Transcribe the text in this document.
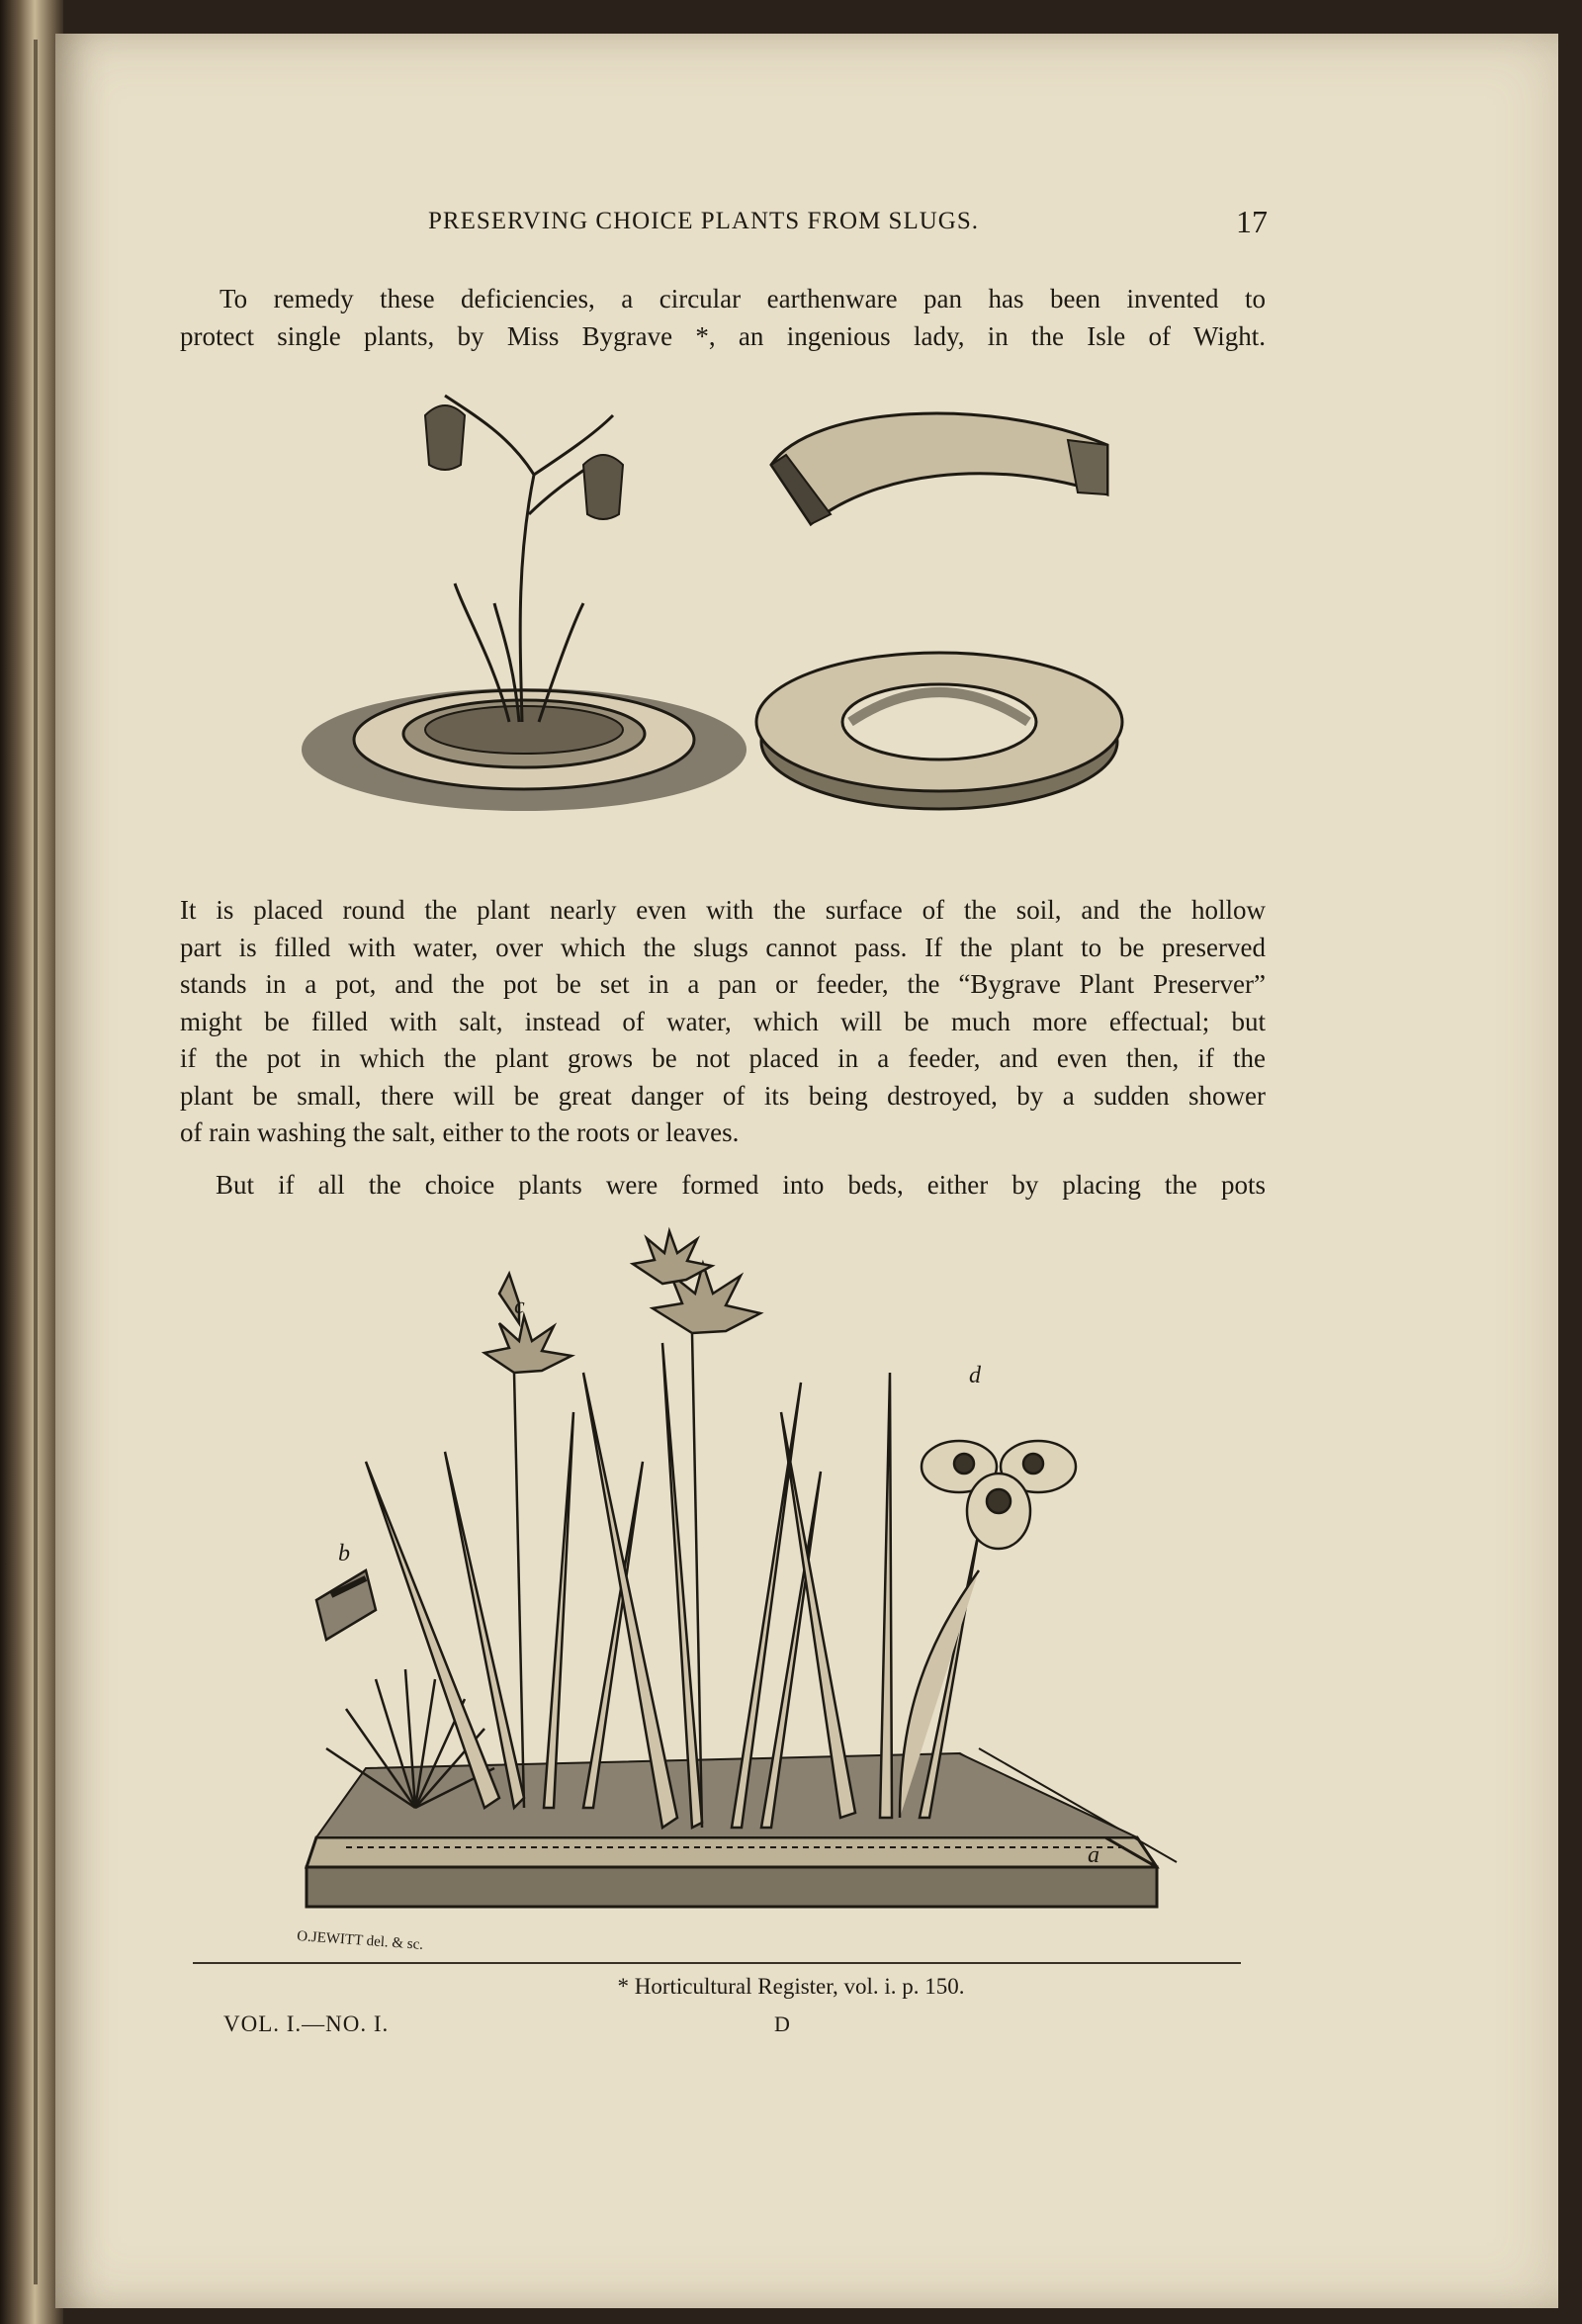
PRESERVING CHOICE PLANTS FROM SLUGS.	17
To remedy these deficiencies, a circular earthenware pan has been invented to
protect single plants, by Miss Bygrave *, an ingenious lady, in the Isle of Wight.
It is placed round the plant nearly even with the surface of the soil, and the hollow
part is filled with water, over which the slugs cannot pass. If the plant to be preserved
stands in a pot, and the pot be set in a pan or feeder, the “Bygrave Plant Preserver”
might be filled with salt, instead of water, which will be much more effectual; but
if the pot in which the plant grows be not placed in a feeder, and even then, if the
plant be small, there will be great danger of its being destroyed, by a sudden shower
of rain washing the salt, either to the roots or leaves.
But if all the choice plants were formed into beds, either by placing the pots
c
d
b
a
O.JEWITT del. & sc.
* Horticultural Register, vol. i. p. 150.
VOL. I.—NO. I.	D
